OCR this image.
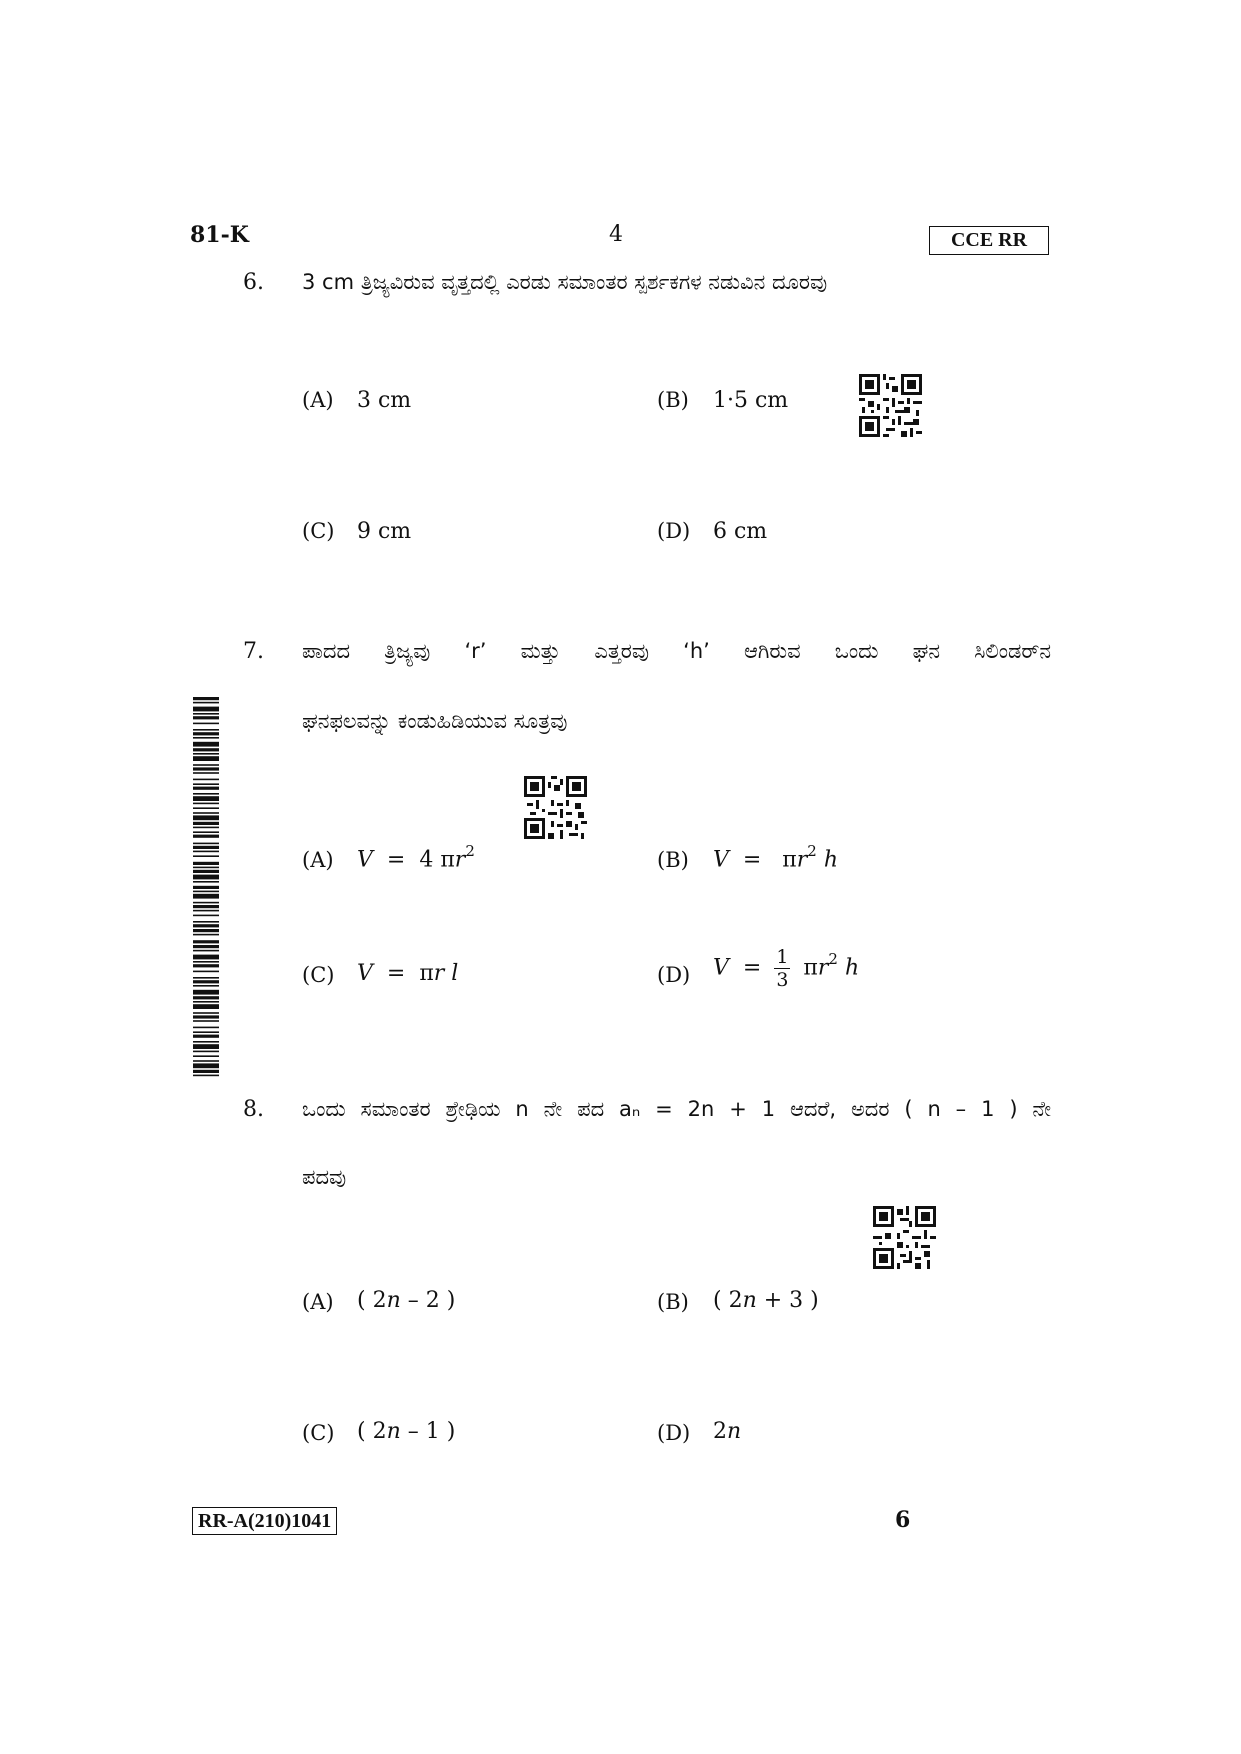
81-K	4	CCE RR
6. 3 cm ತ್ರಿಜ್ಯವಿರುವ ವೃತ್ತದಲ್ಲಿ ಎರಡು ಸಮಾಂತರ ಸ್ಪರ್ಶಕಗಳ ನಡುವಿನ ದೂರವು
(A) 3 cm	(B) 1·5 cm
(C) 9 cm	(D) 6 cm
7. ಪಾದದ ತ್ರಿಜ್ಯವು ‘r’ ಮತ್ತು ಎತ್ತರವು ‘h’ ಆಗಿರುವ ಒಂದು ಘನ ಸಿಲಿಂಡರ್‌ನ
ಘನಫಲವನ್ನು ಕಂಡುಹಿಡಿಯುವ ಸೂತ್ರವು
(A) V  = 4 $\pi r^2$	(B) $V = \pi r^2$ h
(C) V  = πr l	(D) $V = \frac{1}{3} \pi r^2$ h
8. ಒಂದು ಸಮಾಂತರ ಶ್ರೇಢಿಯ n ನೇ ಪದ aₙ = 2n + 1 ಆದರೆ, ಅದರ ( n – 1 ) ನೇ
ಪದವು
(A) ( 2n – 2 )	(B) ( 2n + 3 )
(C) ( 2n – 1 )	(D) 2n
RR-A(210)1041	6
